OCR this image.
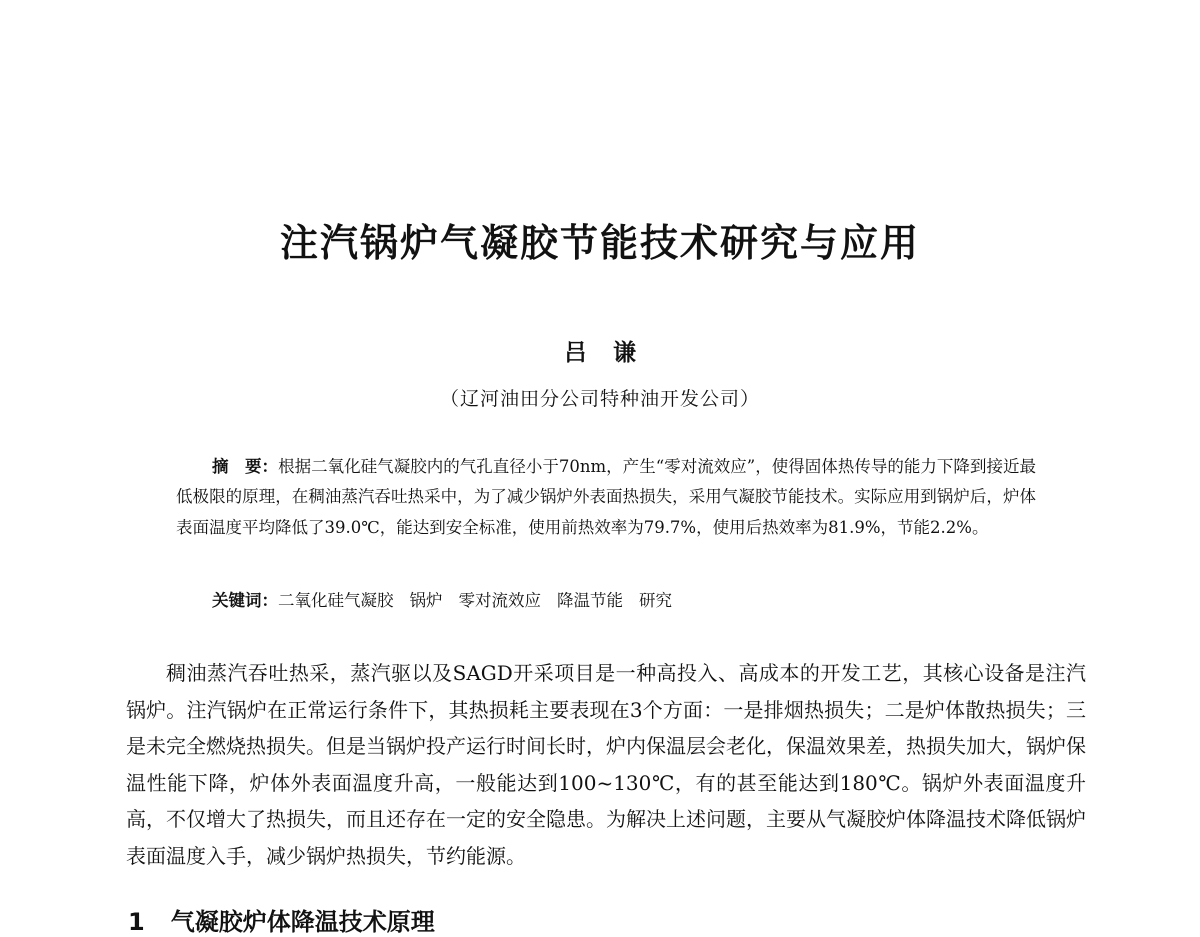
注汽锅炉气凝胶节能技术研究与应用
吕谦
（辽河油田分公司特种油开发公司）
摘　要：根据二氧化硅气凝胶内的气孔直径小于70nm，产生“零对流效应”，使得固体热传导的能力下降到接近最低极限的原理，在稠油蒸汽吞吐热采中，为了减少锅炉外表面热损失，采用气凝胶节能技术。实际应用到锅炉后，炉体表面温度平均降低了39.0℃，能达到安全标准，使用前热效率为79.7%，使用后热效率为81.9%，节能2.2%。
关键词：二氧化硅气凝胶 锅炉 零对流效应 降温节能 研究

稠油蒸汽吞吐热采，蒸汽驱以及SAGD开采项目是一种高投入、高成本的开发工艺，其核心设备是注汽锅炉。注汽锅炉在正常运行条件下，其热损耗主要表现在3个方面：一是排烟热损失；二是炉体散热损失；三是未完全燃烧热损失。但是当锅炉投产运行时间长时，炉内保温层会老化，保温效果差，热损失加大，锅炉保温性能下降，炉体外表面温度升高，一般能达到100~130℃，有的甚至能达到180℃。锅炉外表面温度升高，不仅增大了热损失，而且还存在一定的安全隐患。为解决上述问题，主要从气凝胶炉体降温技术降低锅炉表面温度入手，减少锅炉热损失，节约能源。

1 气凝胶炉体降温技术原理
